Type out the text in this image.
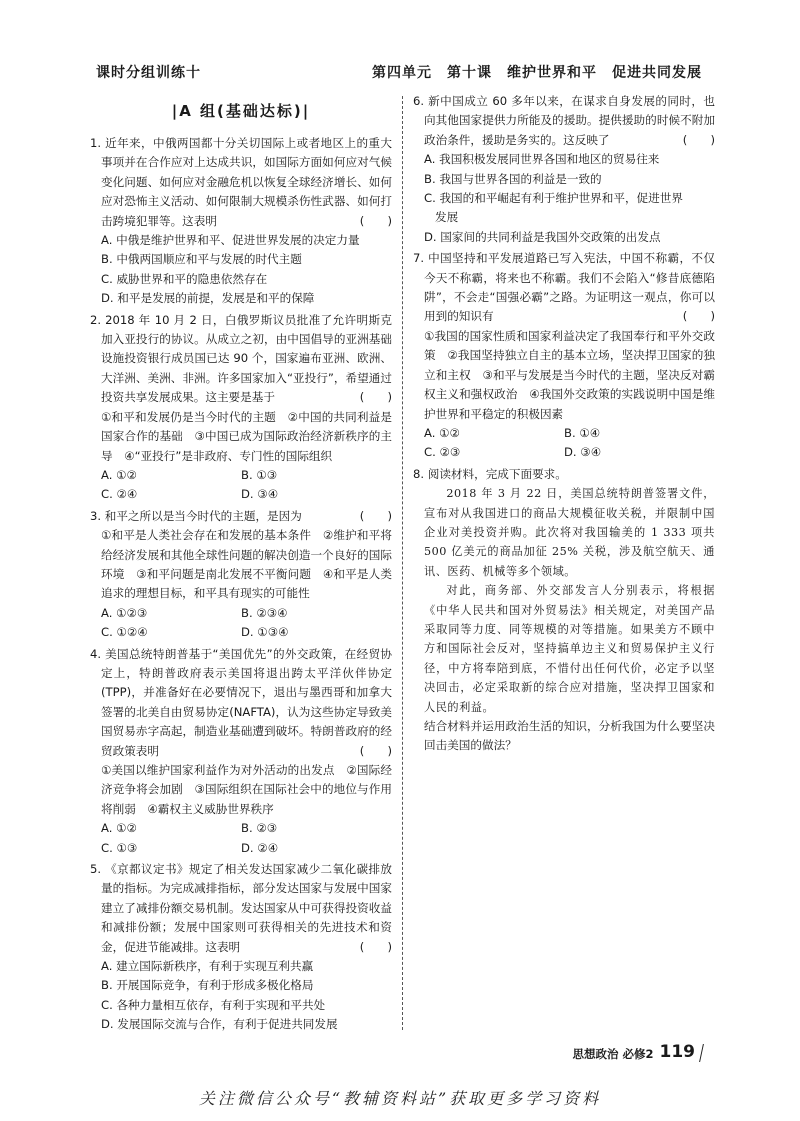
课时分组训练十	第四单元　第十课　维护世界和平　促进共同发展
|A 组(基础达标)|
1. 近年来，中俄两国都十分关切国际上或者地区上的重大事项并在合作应对上达成共识，如国际方面如何应对气候变化问题、如何应对金融危机以恢复全球经济增长、如何应对恐怖主义活动、如何限制大规模杀伤性武器、如何打击跨境犯罪等。这表明	(　　)
A. 中俄是维护世界和平、促进世界发展的决定力量
B. 中俄两国顺应和平与发展的时代主题
C. 威胁世界和平的隐患依然存在
D. 和平是发展的前提，发展是和平的保障
2. 2018 年 10 月 2 日，白俄罗斯议员批准了允许明斯克加入亚投行的协议。从成立之初，由中国倡导的亚洲基础设施投资银行成员国已达 90 个，国家遍布亚洲、欧洲、大洋洲、美洲、非洲。许多国家加入“亚投行”，希望通过投资共享发展成果。这主要是基于	(　　)
①和平和发展仍是当今时代的主题　②中国的共同利益是国家合作的基础　③中国已成为国际政治经济新秩序的主导　④“亚投行”是非政府、专门性的国际组织
A. ①②	B. ①③
C. ②④	D. ③④
3. 和平之所以是当今时代的主题，是因为	(　　)
①和平是人类社会存在和发展的基本条件　②维护和平将给经济发展和其他全球性问题的解决创造一个良好的国际环境　③和平问题是南北发展不平衡问题　④和平是人类追求的理想目标，和平具有现实的可能性
A. ①②③	B. ②③④
C. ①②④	D. ①③④
4. 美国总统特朗普基于“美国优先”的外交政策，在经贸协定上，特朗普政府表示美国将退出跨太平洋伙伴协定(TPP)，并准备好在必要情况下，退出与墨西哥和加拿大签署的北美自由贸易协定(NAFTA)，认为这些协定导致美国贸易赤字高起，制造业基础遭到破坏。特朗普政府的经贸政策表明	(　　)
①美国以维护国家利益作为对外活动的出发点　②国际经济竞争将会加剧　③国际组织在国际社会中的地位与作用将削弱　④霸权主义威胁世界秩序
A. ①②	B. ②③
C. ①③	D. ②④
5. 《京都议定书》规定了相关发达国家减少二氧化碳排放量的指标。为完成减排指标，部分发达国家与发展中国家建立了减排份额交易机制。发达国家从中可获得投资收益和减排份额；发展中国家则可获得相关的先进技术和资金，促进节能减排。这表明	(　　)
A. 建立国际新秩序，有利于实现互利共赢
B. 开展国际竞争，有利于形成多极化格局
C. 各种力量相互依存，有利于实现和平共处
D. 发展国际交流与合作，有利于促进共同发展
6. 新中国成立 60 多年以来，在谋求自身发展的同时，也向其他国家提供力所能及的援助。提供援助的时候不附加政治条件，援助是务实的。这反映了	(　　)
A. 我国积极发展同世界各国和地区的贸易往来
B. 我国与世界各国的利益是一致的
C. 我国的和平崛起有利于维护世界和平，促进世界
发展
D. 国家间的共同利益是我国外交政策的出发点
7. 中国坚持和平发展道路已写入宪法，中国不称霸，不仅今天不称霸，将来也不称霸。我们不会陷入“修昔底德陷阱”，不会走“国强必霸”之路。为证明这一观点，你可以用到的知识有	(　　)
①我国的国家性质和国家利益决定了我国奉行和平外交政策　②我国坚持独立自主的基本立场，坚决捍卫国家的独立和主权　③和平与发展是当今时代的主题，坚决反对霸权主义和强权政治　④我国外交政策的实践说明中国是维护世界和平稳定的积极因素
A. ①②	B. ①④
C. ②③	D. ③④
8. 阅读材料，完成下面要求。

2018 年 3 月 22 日，美国总统特朗普签署文件，宣布对从我国进口的商品大规模征收关税，并限制中国企业对美投资并购。此次将对我国输美的 1 333 项共 500 亿美元的商品加征 25% 关税，涉及航空航天、通讯、医药、机械等多个领域。

对此，商务部、外交部发言人分别表示，将根据《中华人民共和国对外贸易法》相关规定，对美国产品采取同等力度、同等规模的对等措施。如果美方不顾中方和国际社会反对，坚持搞单边主义和贸易保护主义行径，中方将奉陪到底，不惜付出任何代价，必定予以坚决回击，必定采取新的综合应对措施，坚决捍卫国家和人民的利益。

结合材料并运用政治生活的知识，分析我国为什么要坚决回击美国的做法？
思想政治 必修2 119
关注微信公众号“教辅资料站”获取更多学习资料
